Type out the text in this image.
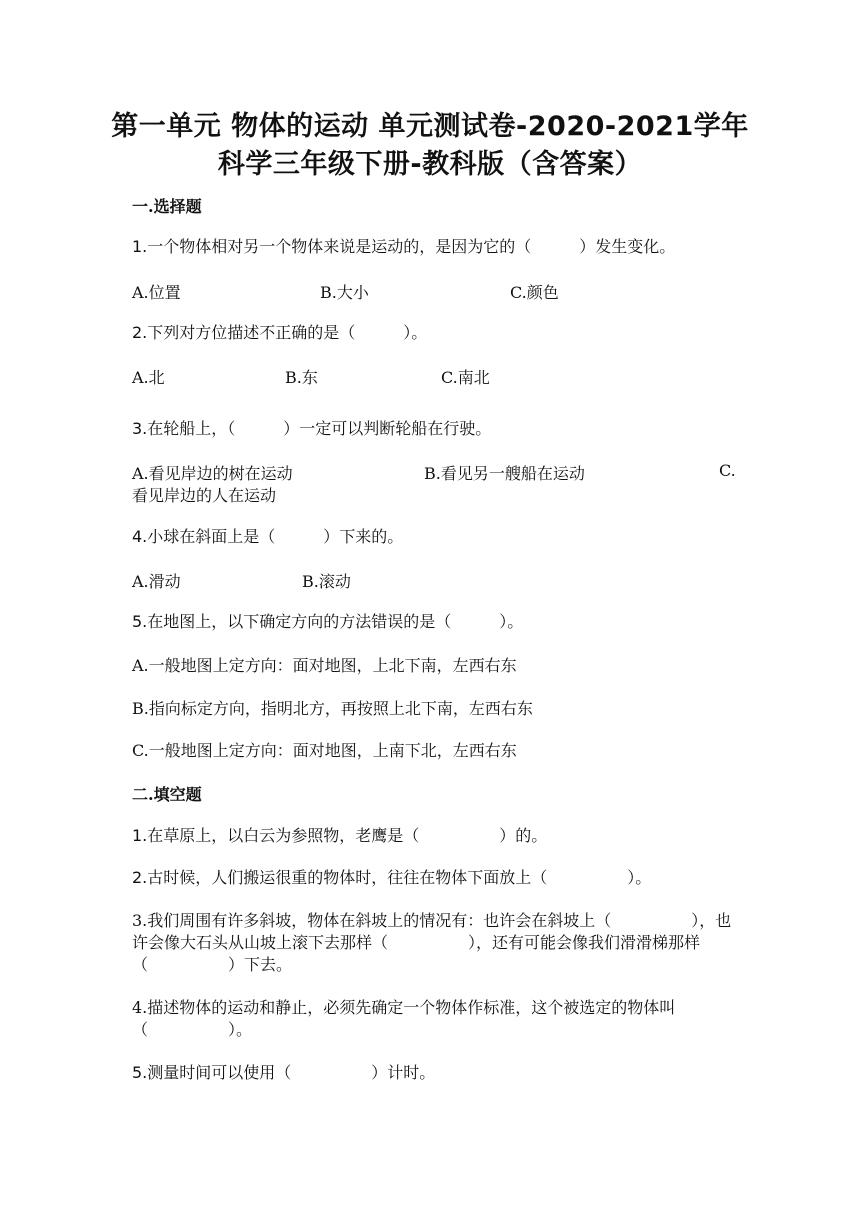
第一单元 物体的运动 单元测试卷-2020-2021学年
科学三年级下册-教科版（含答案）
一.选择题
1.一个物体相对另一个物体来说是运动的，是因为它的（　　　）发生变化。
A.位置	B.大小	C.颜色
2.下列对方位描述不正确的是（　　　）。
A.北	B.东	C.南北
3.在轮船上，（　　　）一定可以判断轮船在行驶。
A.看见岸边的树在运动	B.看见另一艘船在运动	C.
看见岸边的人在运动
4.小球在斜面上是（　　　）下来的。
A.滑动	B.滚动
5.在地图上，以下确定方向的方法错误的是（　　　）。
A.一般地图上定方向：面对地图，上北下南，左西右东
B.指向标定方向，指明北方，再按照上北下南，左西右东
C.一般地图上定方向：面对地图，上南下北，左西右东
二.填空题
1.在草原上，以白云为参照物，老鹰是（　　　　　）的。
2.古时候，人们搬运很重的物体时，往往在物体下面放上（　　　　　）。
3.我们周围有许多斜坡，物体在斜坡上的情况有：也许会在斜坡上（　　　　　），也许会像大石头从山坡上滚下去那样（　　　　　），还有可能会像我们滑滑梯那样（　　　　　）下去。
4.描述物体的运动和静止，必须先确定一个物体作标准，这个被选定的物体叫（　　　　　）。
5.测量时间可以使用（　　　　　）计时。
